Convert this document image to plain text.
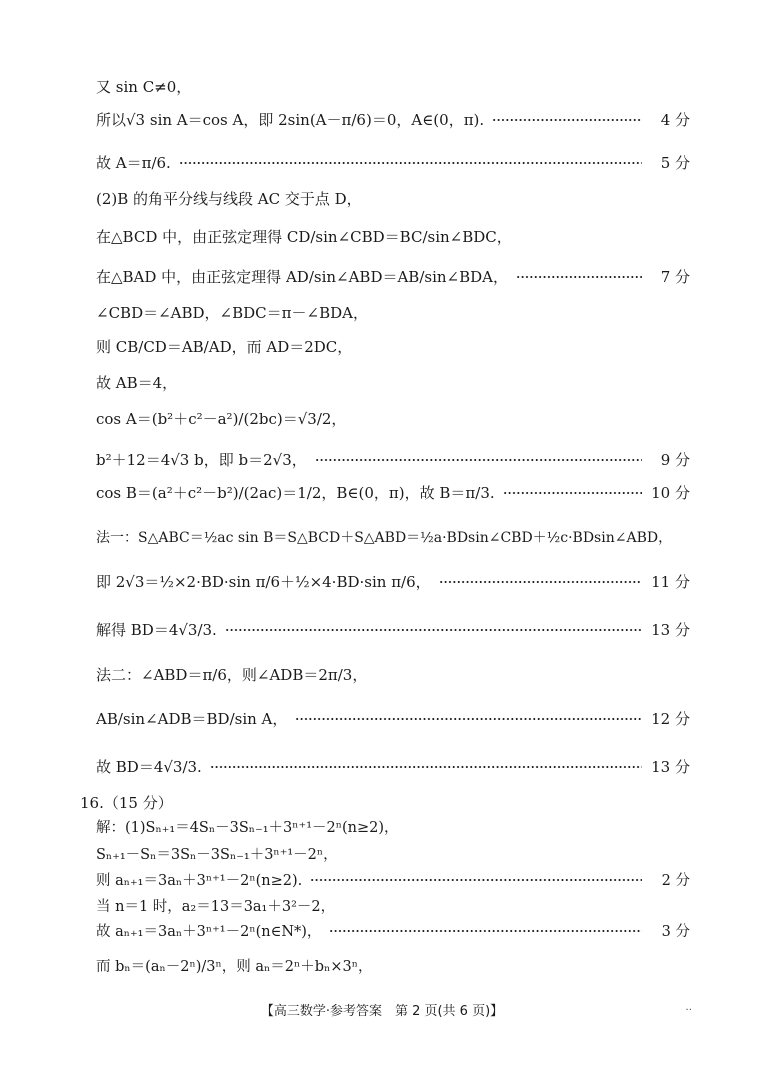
又 sin C≠0，
所以√3 sin A＝cos A，即 2sin(A－π/6)＝0，A∈(0，π).	4 分
故 A＝π/6.	5 分
(2)B 的角平分线与线段 AC 交于点 D，
在△BCD 中，由正弦定理得 CD/sin∠CBD＝BC/sin∠BDC，
在△BAD 中，由正弦定理得 AD/sin∠ABD＝AB/sin∠BDA，	7 分
∠CBD＝∠ABD，∠BDC＝π－∠BDA，
则 CB/CD＝AB/AD，而 AD＝2DC，
故 AB＝4，
cos A＝(b²＋c²－a²)/(2bc)＝√3/2，
b²＋12＝4√3 b，即 b＝2√3，	9 分
cos B＝(a²＋c²－b²)/(2ac)＝1/2，B∈(0，π)，故 B＝π/3.	10 分
法一：S△ABC＝½ac sin B＝S△BCD＋S△ABD＝½a·BDsin∠CBD＋½c·BDsin∠ABD，
即 2√3＝½×2·BD·sin π/6＋½×4·BD·sin π/6，	11 分
解得 BD＝4√3/3.	13 分
法二：∠ABD＝π/6，则∠ADB＝2π/3，
AB/sin∠ADB＝BD/sin A，	12 分
故 BD＝4√3/3.	13 分
16.（15 分）
解：(1)Sₙ₊₁＝4Sₙ－3Sₙ₋₁＋3ⁿ⁺¹－2ⁿ(n≥2)，
Sₙ₊₁－Sₙ＝3Sₙ－3Sₙ₋₁＋3ⁿ⁺¹－2ⁿ，
则 aₙ₊₁＝3aₙ＋3ⁿ⁺¹－2ⁿ(n≥2).	2 分
当 n＝1 时，a₂＝13＝3a₁＋3²－2，
故 aₙ₊₁＝3aₙ＋3ⁿ⁺¹－2ⁿ(n∈N*)，	3 分
而 bₙ＝(aₙ－2ⁿ)/3ⁿ，则 aₙ＝2ⁿ＋bₙ×3ⁿ，
【高三数学·参考答案　第 2 页(共 6 页)】	‥
